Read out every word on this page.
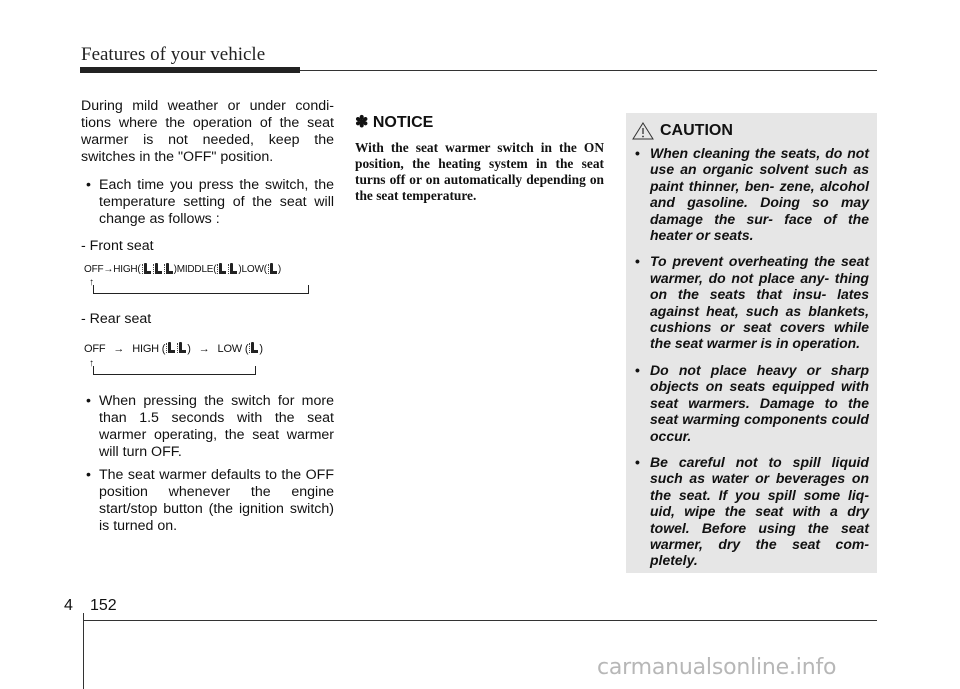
Features of your vehicle

During mild weather or under condi- tions where the operation of the seat warmer is not needed, keep the switches in the "OFF" position.

• Each time you press the switch, the temperature setting of the seat will change as follows :

- Front seat

OFF → HIGH(	)MIDDLE( )LOW( )
↑
- Rear seat
OFF → HIGH ( ) → LOW ( )
↑
• When pressing the switch for more than 1.5 seconds with the seat warmer operating, the seat warmer will turn OFF.
• The seat warmer defaults to the OFF position whenever the engine start/stop button (the ignition switch) is turned on.
✽ NOTICE
With the seat warmer switch in the ON position, the heating system in the seat turns off or on automatically depending on the seat temperature.
CAUTION
• When cleaning the seats, do not use an organic solvent such as paint thinner, ben- zene, alcohol and gasoline. Doing so may damage the sur- face of the heater or seats.
• To prevent overheating the seat warmer, do not place any- thing on the seats that insu- lates against heat, such as blankets, cushions or seat covers while the seat warmer is in operation.
• Do not place heavy or sharp objects on seats equipped with seat warmers. Damage to the seat warming components could occur.
• Be careful not to spill liquid such as water or beverages on the seat. If you spill some liq- uid, wipe the seat with a dry towel. Before using the seat warmer, dry the seat com- pletely.
4 152
carmanualsonline.info
